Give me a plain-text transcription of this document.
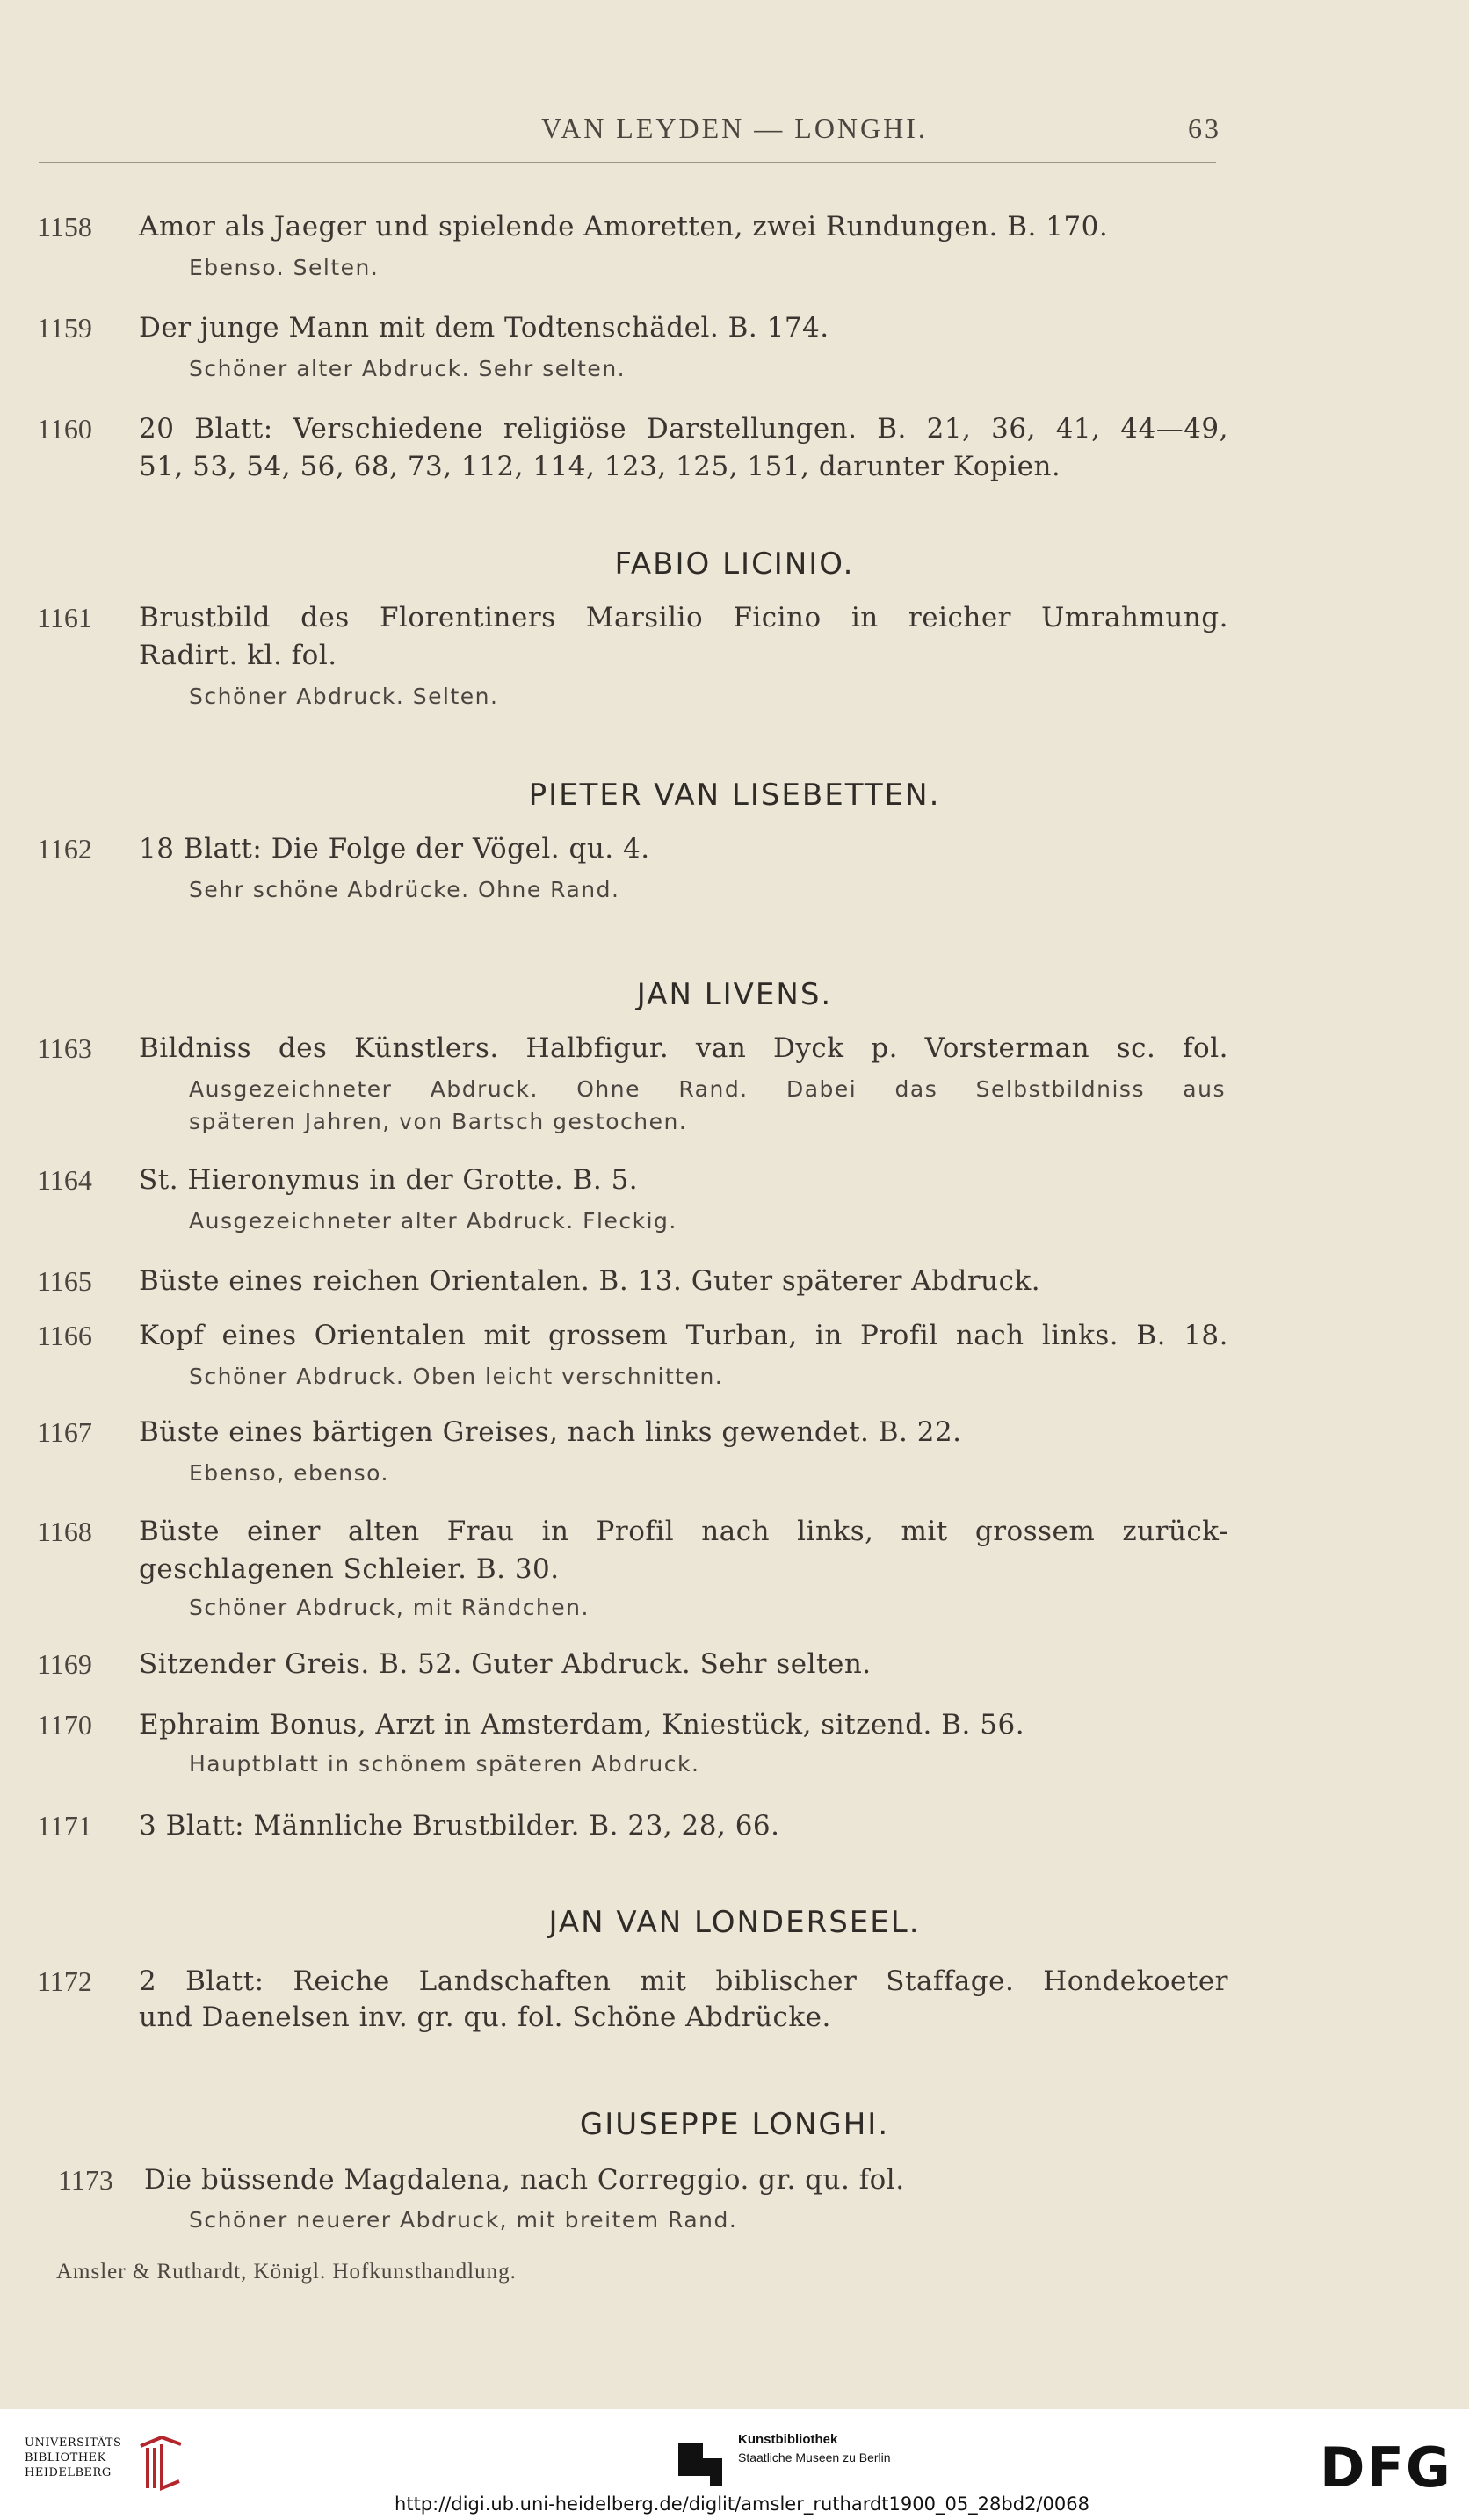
VAN LEYDEN — LONGHI.	63
1158 Amor als Jaeger und spielende Amoretten, zwei Rundungen. B. 170.
Ebenso. Selten.
1159 Der junge Mann mit dem Todtenschädel. B. 174.
Schöner alter Abdruck. Sehr selten.
1160 20 Blatt: Verschiedene religiöse Darstellungen. B. 21, 36, 41, 44—49,
51, 53, 54, 56, 68, 73, 112, 114, 123, 125, 151, darunter Kopien.
FABIO LICINIO.
1161 Brustbild des Florentiners Marsilio Ficino in reicher Umrahmung.
Radirt. kl. fol.
Schöner Abdruck. Selten.
PIETER VAN LISEBETTEN.
1162 18 Blatt: Die Folge der Vögel. qu. 4.
Sehr schöne Abdrücke. Ohne Rand.
JAN LIVENS.
1163 Bildniss des Künstlers. Halbfigur. van Dyck p. Vorsterman sc. fol.
Ausgezeichneter Abdruck. Ohne Rand. Dabei das Selbstbildniss aus
späteren Jahren, von Bartsch gestochen.
1164 St. Hieronymus in der Grotte. B. 5.
Ausgezeichneter alter Abdruck. Fleckig.
1165 Büste eines reichen Orientalen. B. 13. Guter späterer Abdruck.
1166 Kopf eines Orientalen mit grossem Turban, in Profil nach links. B. 18.
Schöner Abdruck. Oben leicht verschnitten.
1167 Büste eines bärtigen Greises, nach links gewendet. B. 22.
Ebenso, ebenso.
1168 Büste einer alten Frau in Profil nach links, mit grossem zurück-
geschlagenen Schleier. B. 30.
Schöner Abdruck, mit Rändchen.
1169 Sitzender Greis. B. 52. Guter Abdruck. Sehr selten.
1170 Ephraim Bonus, Arzt in Amsterdam, Kniestück, sitzend. B. 56.
Hauptblatt in schönem späteren Abdruck.
1171 3 Blatt: Männliche Brustbilder. B. 23, 28, 66.
JAN VAN LONDERSEEL.
1172 2 Blatt: Reiche Landschaften mit biblischer Staffage. Hondekoeter
und Daenelsen inv. gr. qu. fol. Schöne Abdrücke.
GIUSEPPE LONGHI.
1173 Die büssende Magdalena, nach Correggio. gr. qu. fol.
Schöner neuerer Abdruck, mit breitem Rand.
Amsler & Ruthardt, Königl. Hofkunsthandlung.
UNIVERSITÄTS-
BIBLIOTHEK
HEIDELBERG
Kunstbibliothek
Staatliche Museen zu Berlin	DFG
http://digi.ub.uni-heidelberg.de/diglit/amsler_ruthardt1900_05_28bd2/0068
